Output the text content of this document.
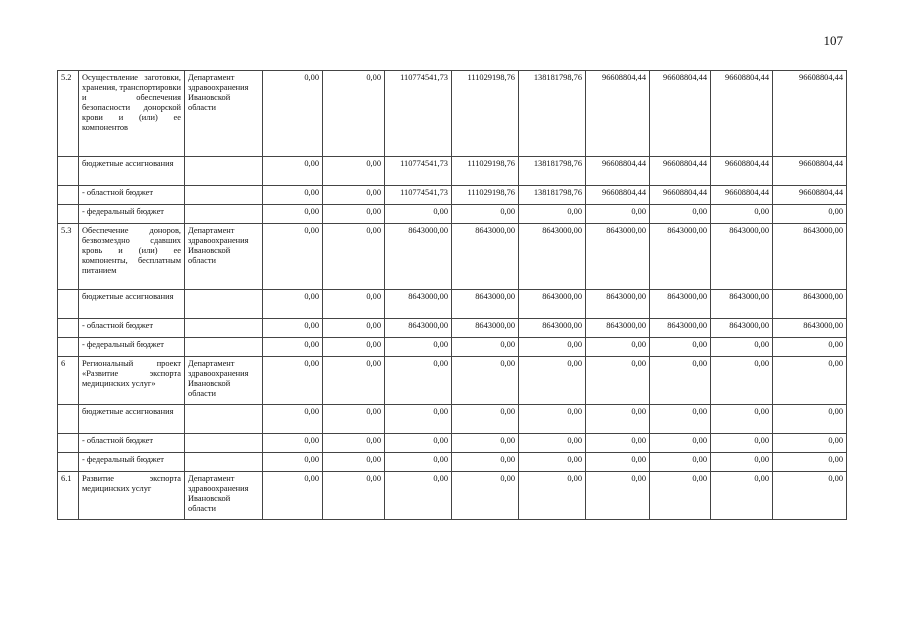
107
5.2	Осуществление заготовки, хранения, транспортировки и обеспечения безопасности донорской крови и (или) ее компонентов	Департамент здравоохранения Ивановской области	0,00	0,00	110774541,73	111029198,76	138181798,76	96608804,44	96608804,44	96608804,44	96608804,44
	бюджетные ассигнования		0,00	0,00	110774541,73	111029198,76	138181798,76	96608804,44	96608804,44	96608804,44	96608804,44
	- областной бюджет		0,00	0,00	110774541,73	111029198,76	138181798,76	96608804,44	96608804,44	96608804,44	96608804,44
	- федеральный бюджет		0,00	0,00	0,00	0,00	0,00	0,00	0,00	0,00	0,00
5.3	Обеспечение доноров, безвозмездно сдавших кровь и (или) ее компоненты, бесплатным питанием	Департамент здравоохранения Ивановской области	0,00	0,00	8643000,00	8643000,00	8643000,00	8643000,00	8643000,00	8643000,00	8643000,00
	бюджетные ассигнования		0,00	0,00	8643000,00	8643000,00	8643000,00	8643000,00	8643000,00	8643000,00	8643000,00
	- областной бюджет		0,00	0,00	8643000,00	8643000,00	8643000,00	8643000,00	8643000,00	8643000,00	8643000,00
	- федеральный бюджет		0,00	0,00	0,00	0,00	0,00	0,00	0,00	0,00	0,00
6	Региональный проект «Развитие экспорта медицинских услуг»	Департамент здравоохранения Ивановской области	0,00	0,00	0,00	0,00	0,00	0,00	0,00	0,00	0,00
	бюджетные ассигнования		0,00	0,00	0,00	0,00	0,00	0,00	0,00	0,00	0,00
	- областной бюджет		0,00	0,00	0,00	0,00	0,00	0,00	0,00	0,00	0,00
	- федеральный бюджет		0,00	0,00	0,00	0,00	0,00	0,00	0,00	0,00	0,00
6.1	Развитие экспорта медицинских услуг	Департамент здравоохранения Ивановской области	0,00	0,00	0,00	0,00	0,00	0,00	0,00	0,00	0,00
